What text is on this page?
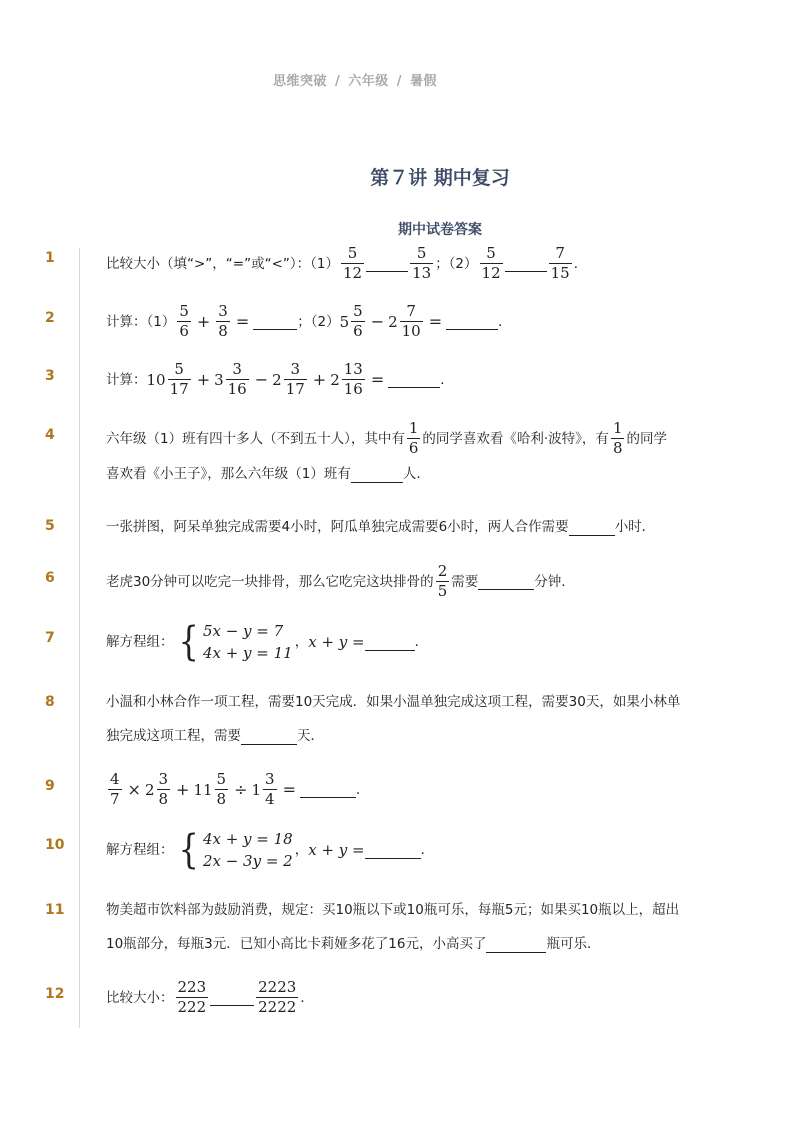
思维突破 / 六年级 / 暑假
第７讲 期中复习
期中试卷答案
1	比较大小（填“>”，“=”或“<”）：（1）
5
12
5
13
；（2）
5
12
7
15
．
2	计算：（1）
5
6
+ $\frac{3}{8}$ =	；（2） 5
5
6
− $2 \frac{7}{10}$ =	．
3	计算： 10
5
17
+ 3
3
16
− 2
3
17
+ $2 \frac{13}{16}$ =	．
4	六年级（1）班有四十多人（不到五十人），其中有
1
6
的同学喜欢看《哈利·波特》，有
1
8
的同学
喜欢看《小王子》，那么六年级（1）班有	人．
5	一张拼图，阿呆单独完成需要4小时，阿瓜单独完成需要6小时，两人合作需要	小时．
6	老虎30分钟可以吃完一块排骨，那么它吃完这块排骨的
2
5
需要	分钟．
7	解方程组： { 5x − y = 7
4x + y = 11
， x + y =	．
8	小温和小林合作一项工程，需要10天完成．如果小温单独完成这项工程，需要30天，如果小林单
独完成这项工程，需要	天．
9	$\frac{4}{7} \times 2$
3
8
+ $11 \frac{5}{8} \div 1 \frac{3}{4}$ =	．
10	解方程组： { 4x + y = 18
2x − 3y = 2
， x + y =	．
11	物美超市饮料部为鼓励消费，规定：买10瓶以下或10瓶可乐，每瓶5元；如果买10瓶以上，超出
10瓶部分，每瓶3元．已知小高比卡莉娅多花了16元，小高买了	瓶可乐．
12	比较大小：
223
222
2223
2222
．
